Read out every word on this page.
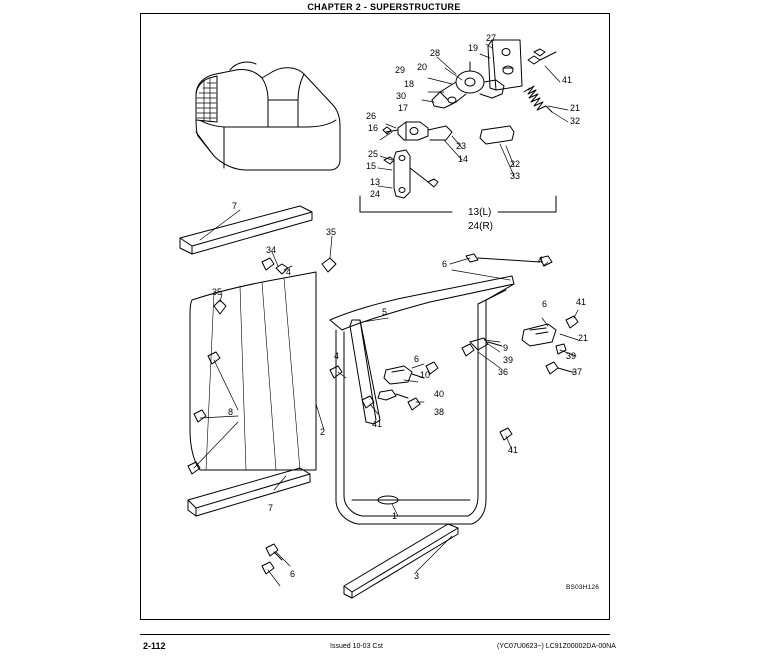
CHAPTER 2 - SUPERSTRUCTURE
2-112	Issued 10-03 Cst	(YC07U0623~) LC91Z00002DA-00NA
BS03H126
27
19
28
20
29
18
30
17
41
21
32
26
16
25
15
13
24
23
14	22
33
13(L)
24(R)
7
34
35
35
4
8
2
7
5
6	4
4	6
6	41
21
39
37
9
39
36
10
40
38
41
41
1
3
6
